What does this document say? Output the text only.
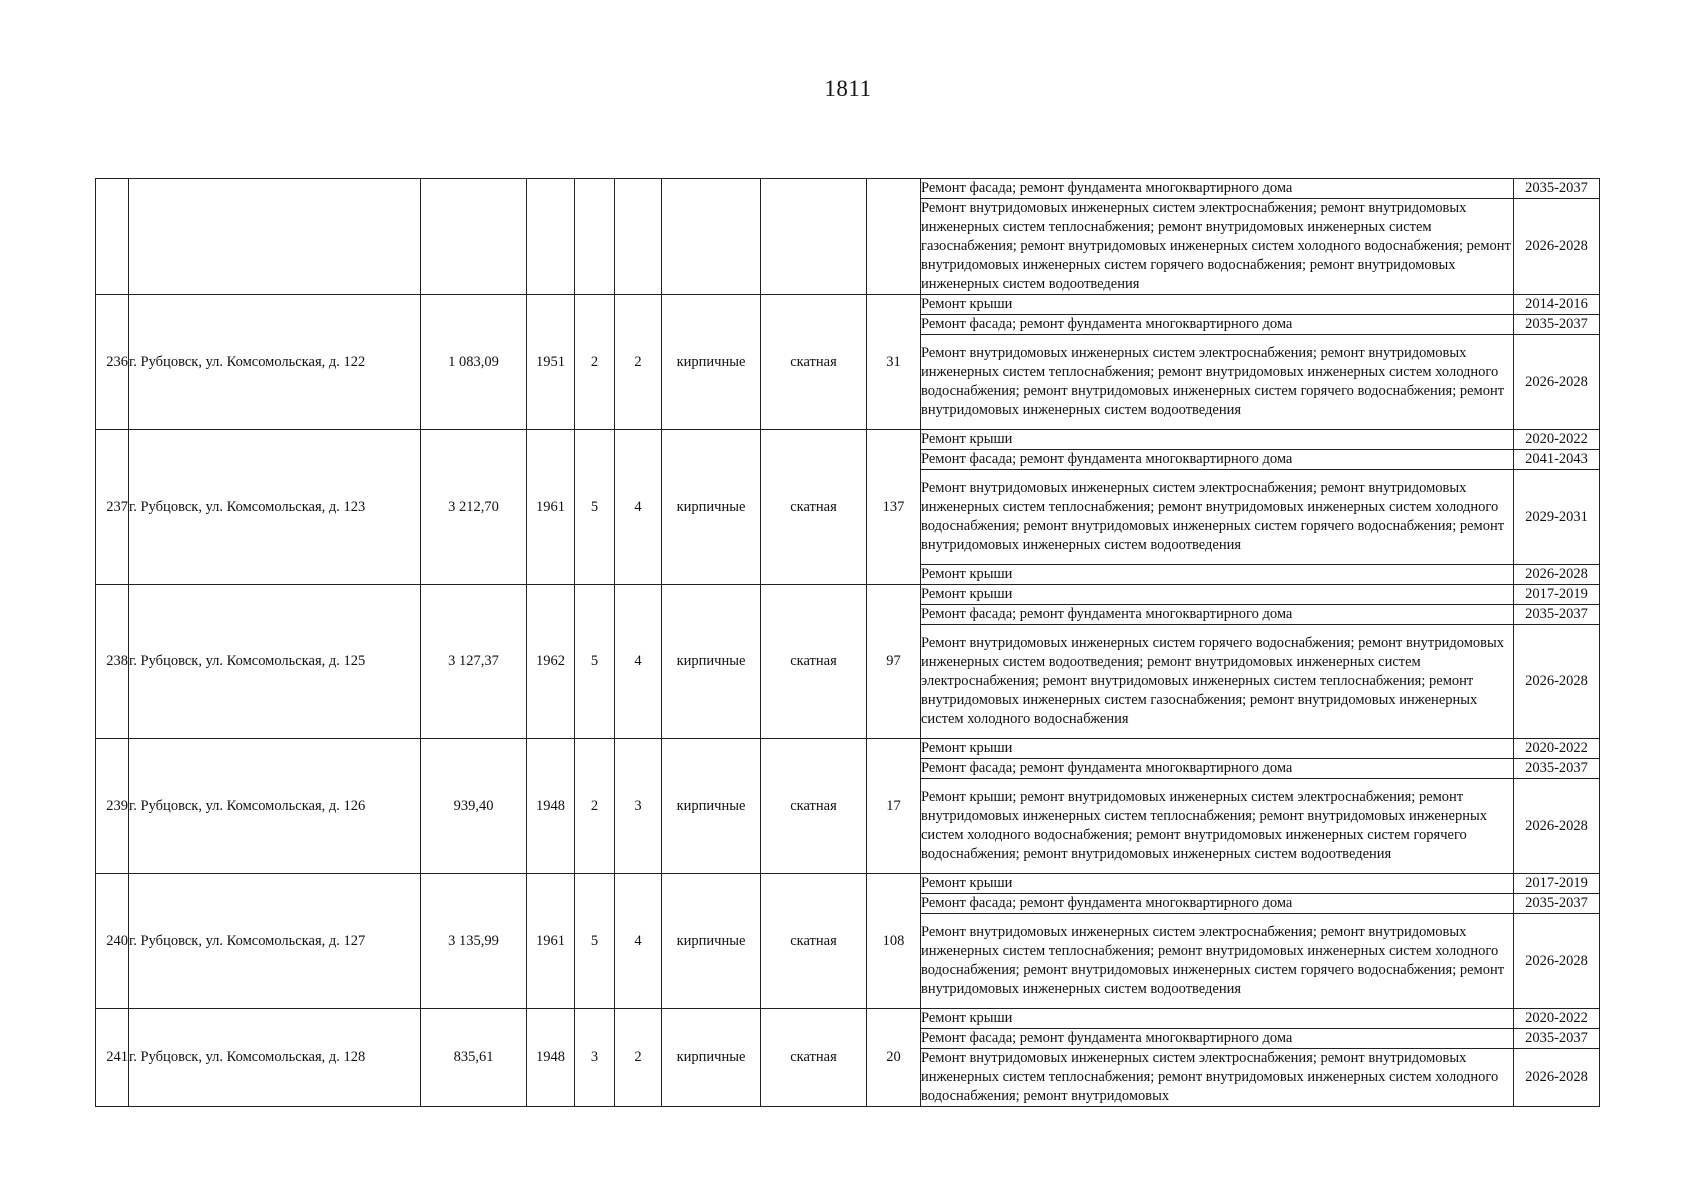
1811
									Ремонт фасада; ремонт фундамента многоквартирного дома	2035-2037
									Ремонт внутридомовых инженерных систем электроснабжения; ремонт внутридомовых инженерных систем теплоснабжения; ремонт внутридомовых инженерных систем газоснабжения; ремонт внутридомовых инженерных систем холодного водоснабжения; ремонт внутридомовых инженерных систем горячего водоснабжения; ремонт внутридомовых инженерных систем водоотведения	2026-2028
236	г. Рубцовск, ул. Комсомольская, д. 122	1 083,09	1951	2	2	кирпичные	скатная	31	Ремонт крыши	2014-2016
									Ремонт фасада; ремонт фундамента многоквартирного дома	2035-2037
									Ремонт внутридомовых инженерных систем электроснабжения; ремонт внутридомовых инженерных систем теплоснабжения; ремонт внутридомовых инженерных систем холодного водоснабжения; ремонт внутридомовых инженерных систем горячего водоснабжения; ремонт внутридомовых инженерных систем водоотведения	2026-2028
237	г. Рубцовск, ул. Комсомольская, д. 123	3 212,70	1961	5	4	кирпичные	скатная	137	Ремонт крыши	2020-2022
									Ремонт фасада; ремонт фундамента многоквартирного дома	2041-2043
									Ремонт внутридомовых инженерных систем электроснабжения; ремонт внутридомовых инженерных систем теплоснабжения; ремонт внутридомовых инженерных систем холодного водоснабжения; ремонт внутридомовых инженерных систем горячего водоснабжения; ремонт внутридомовых инженерных систем водоотведения	2029-2031
									Ремонт крыши	2026-2028
238	г. Рубцовск, ул. Комсомольская, д. 125	3 127,37	1962	5	4	кирпичные	скатная	97	Ремонт крыши	2017-2019
									Ремонт фасада; ремонт фундамента многоквартирного дома	2035-2037
									Ремонт внутридомовых инженерных систем горячего водоснабжения; ремонт внутридомовых инженерных систем водоотведения; ремонт внутридомовых инженерных систем электроснабжения; ремонт внутридомовых инженерных систем теплоснабжения; ремонт внутридомовых инженерных систем газоснабжения; ремонт внутридомовых инженерных систем холодного водоснабжения	2026-2028
239	г. Рубцовск, ул. Комсомольская, д. 126	939,40	1948	2	3	кирпичные	скатная	17	Ремонт крыши	2020-2022
									Ремонт фасада; ремонт фундамента многоквартирного дома	2035-2037
									Ремонт крыши; ремонт внутридомовых инженерных систем электроснабжения; ремонт внутридомовых инженерных систем теплоснабжения; ремонт внутридомовых инженерных систем холодного водоснабжения; ремонт внутридомовых инженерных систем горячего водоснабжения; ремонт внутридомовых инженерных систем водоотведения	2026-2028
240	г. Рубцовск, ул. Комсомольская, д. 127	3 135,99	1961	5	4	кирпичные	скатная	108	Ремонт крыши	2017-2019
									Ремонт фасада; ремонт фундамента многоквартирного дома	2035-2037
									Ремонт внутридомовых инженерных систем электроснабжения; ремонт внутридомовых инженерных систем теплоснабжения; ремонт внутридомовых инженерных систем холодного водоснабжения; ремонт внутридомовых инженерных систем горячего водоснабжения; ремонт внутридомовых инженерных систем водоотведения	2026-2028
241	г. Рубцовск, ул. Комсомольская, д. 128	835,61	1948	3	2	кирпичные	скатная	20	Ремонт крыши	2020-2022
									Ремонт фасада; ремонт фундамента многоквартирного дома	2035-2037
									Ремонт внутридомовых инженерных систем электроснабжения; ремонт внутридомовых инженерных систем теплоснабжения; ремонт внутридомовых инженерных систем холодного водоснабжения; ремонт внутридомовых	2026-2028
